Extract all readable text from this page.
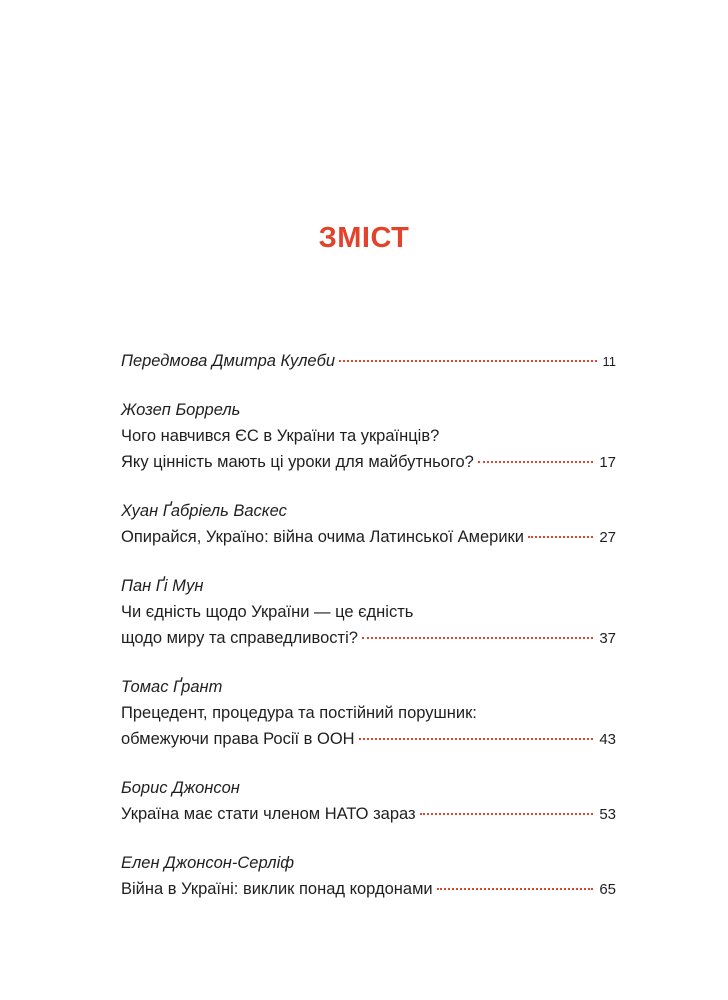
ЗМІСТ
Передмова Дмитра Кулеби	11
Жозеп Боррель
Чого навчився ЄС в України та українців?
Яку цінність мають ці уроки для майбутнього?	17
Хуан Ґабріель Васкес
Опирайся, Україно: війна очима Латинської Америки	27
Пан Ґі Мун
Чи єдність щодо України — це єдність
щодо миру та справедливості?	37
Томас Ґрант
Прецедент, процедура та постійний порушник:
обмежуючи права Росії в ООН	43
Борис Джонсон
Україна має стати членом НАТО зараз	53
Елен Джонсон-Серліф
Війна в Україні: виклик понад кордонами	65
